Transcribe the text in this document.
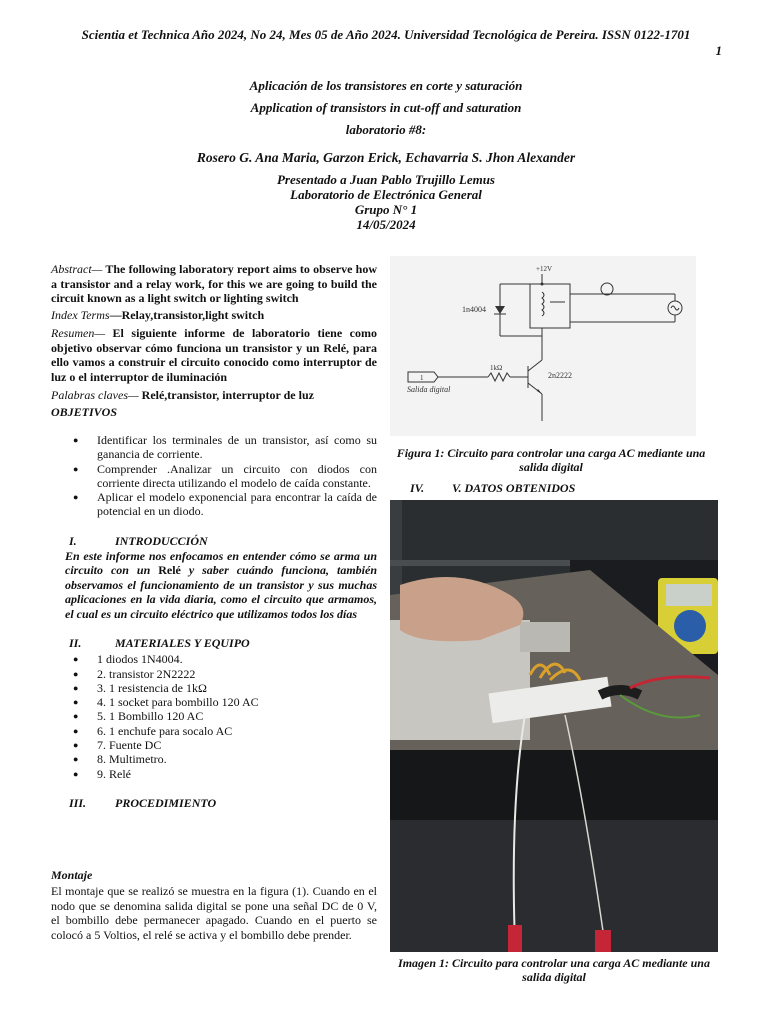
Scientia et Technica Año 2024, No 24, Mes 05 de Año 2024. Universidad Tecnológica de Pereira. ISSN 0122-1701
1
Aplicación de los transistores en corte y saturación
Application of transistors in cut-off and saturation
laboratorio #8:
Rosero G. Ana Maria, Garzon Erick, Echavarria S. Jhon Alexander
Presentado a Juan Pablo Trujillo Lemus
Laboratorio de Electrónica General
Grupo N° 1
14/05/2024
Abstract— The following laboratory report aims to observe how a transistor and a relay work, for this we are going to build the circuit known as a light switch or lighting switch
Index Terms—Relay,transistor,light switch
Resumen— El siguiente informe de laboratorio tiene como objetivo observar cómo funciona un transistor y un Relé, para ello vamos a construir el circuito conocido como interruptor de luz o el interruptor de iluminación
Palabras claves— Relé,transistor, interruptor de luz
OBJETIVOS
● Identificar los terminales de un transistor, así como su ganancia de corriente.
● Comprender .Analizar un circuito con diodos con corriente directa utilizando el modelo de caída constante.
● Aplicar el modelo exponencial para encontrar la caída de potencial en un diodo.
I.	INTRODUCCIÓN
En este informe nos enfocamos en entender cómo se arma un circuito con un Relé y saber cuándo funciona, también observamos el funcionamiento de un transistor y sus muchas aplicaciones en la vida diaria, como el circuito que armamos, el cual es un circuito eléctrico que utilizamos todos los días
II.	MATERIALES Y EQUIPO
● 1 diodos 1N4004.
● 2. transistor 2N2222
● 3. 1 resistencia de 1kΩ
● 4. 1 socket para bombillo 120 AC
● 5. 1 Bombillo 120 AC
● 6. 1 enchufe para socalo AC
● 7. Fuente DC
● 8. Multimetro.
● 9. Relé
III. PROCEDIMIENTO
Montaje
El montaje que se realizó se muestra en la figura (1). Cuando en el nodo que se denomina salida digital se pone una señal DC de 0 V, el bombillo debe permanecer apagado. Cuando en el puerto se colocó a 5 Voltios, el relé se activa y el bombillo debe prender.
+12V
1n4004
1kΩ
2n2222
Salida digital
1
Figura 1: Circuito para controlar una carga AC mediante una salida digital
IV. V. DATOS OBTENIDOS
Imagen 1: Circuito para controlar una carga AC mediante una salida digital
